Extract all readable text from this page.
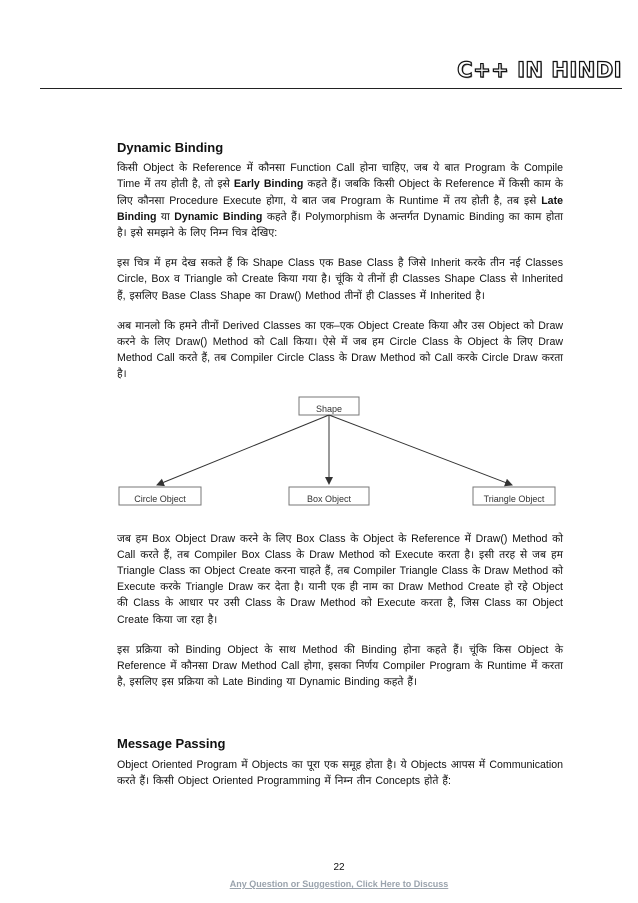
C++ IN HINDI
Dynamic Binding

किसी Object के Reference में कौनसा Function Call होना चाहिए, जब ये बात Program के Compile Time में तय होती है, तो इसे Early Binding कहते हैं। जबकि किसी Object के Reference में किसी काम के लिए कौनसा Procedure Execute होगा, ये बात जब Program के Runtime में तय होती है, तब इसे Late Binding या Dynamic Binding कहते हैं। Polymorphism के अन्तर्गत Dynamic Binding का काम होता है। इसे समझने के लिए निम्न चित्र देखिए:

इस चित्र में हम देख सकते हैं कि Shape Class एक Base Class है जिसे Inherit करके तीन नई Classes Circle, Box व Triangle को Create किया गया है। चूंकि ये तीनों ही Classes Shape Class से Inherited हैं, इसलिए Base Class Shape का Draw() Method तीनों ही Classes में Inherited है।

अब मानलो कि हमने तीनों Derived Classes का एक–एक Object Create किया और उस Object को Draw करने के लिए Draw() Method को Call किया। ऐसे में जब हम Circle Class के Object के लिए Draw Method Call करते हैं, तब Compiler Circle Class के Draw Method को Call करके Circle Draw करता है।

Shape
Circle Object	Box Object	Triangle Object

जब हम Box Object Draw करने के लिए Box Class के Object के Reference में Draw() Method को Call करते हैं, तब Compiler Box Class के Draw Method को Execute करता है। इसी तरह से जब हम Triangle Class का Object Create करना चाहते हैं, तब Compiler Triangle Class के Draw Method को Execute करके Triangle Draw कर देता है। यानी एक ही नाम का Draw Method Create हो रहे Object की Class के आधार पर उसी Class के Draw Method को Execute करता है, जिस Class का Object Create किया जा रहा है।

इस प्रक्रिया को Binding Object के साथ Method की Binding होना कहते हैं। चूंकि किस Object के Reference में कौनसा Draw Method Call होगा, इसका निर्णय Compiler Program के Runtime में करता है, इसलिए इस प्रक्रिया को Late Binding या Dynamic Binding कहते हैं।

Message Passing

Object Oriented Program में Objects का पूरा एक समूह होता है। ये Objects आपस में Communication करते हैं। किसी Object Oriented Programming में निम्न तीन Concepts होते हैं:

22
Any Question or Suggestion, Click Here to Discuss
